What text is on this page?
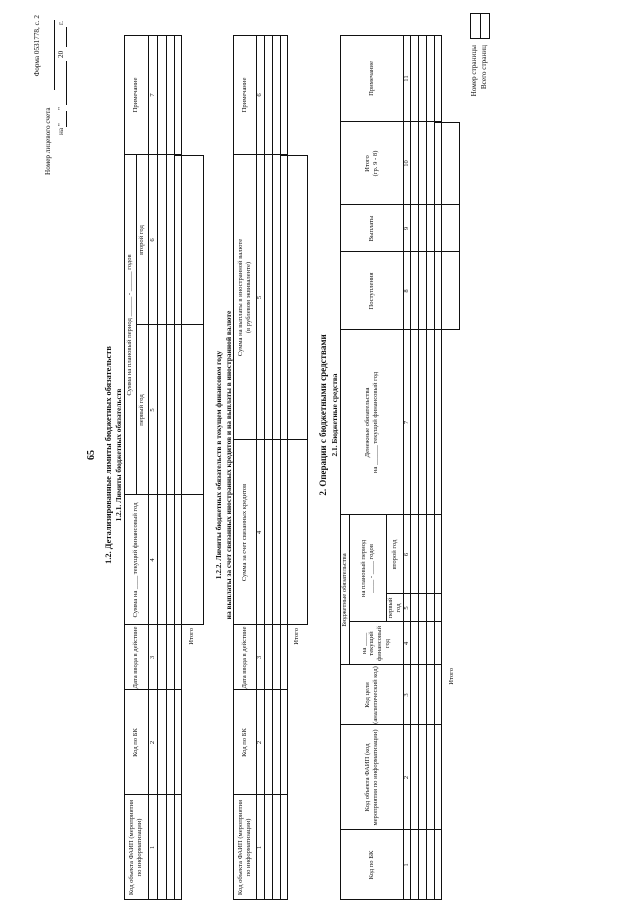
65
Форма 0531778, с. 2
Номер лицевого счета на "
"
20
г.
1.2. Детализированные лимиты бюджетных обязательств 1.2.1. Лимиты бюджетных обязательств
Итого
Код объекта ФАИП (мероприятия по информатизации)
Код по БК
Дата ввода в действие
Сумма на ____ текущий финансовый год
Сумма на плановый период ______ - ______ годов
первый год
второй год
Примечание
1
2
3
4
5
6
7
1.2.2. Лимиты бюджетных обязательств в текущем финансовом году на выплаты за счет связанных иностранных кредитов и на выплаты в иностранной валюте
Итого
Код объекта ФАИП (мероприятия по информатизации)
Код по БК
Дата ввода в действие
Сумма за счет связанных кредитов
Сумма на выплаты в иностранной валюте (в рублевом эквиваленте)
Примечание
1
2
3
4
5
6
2. Операции с бюджетными средствами 2.1. Бюджетные средства
Итого
Код по БК
Код объекта ФАИП (код мероприятия по информатизации)
Код цели (аналитический код)
Бюджетные обязательства
на ____ текущий финансовый год
на плановый период ____ - ____ годов
первый год
второй год
Денежные обязательства
на ______ текущий финансовый год
Поступления
Выплаты
Итого (гр. 9 - 8)
Примечание
1
2
3
4
5
6
7
8
9
10
11	Номер страницы Всего страниц
